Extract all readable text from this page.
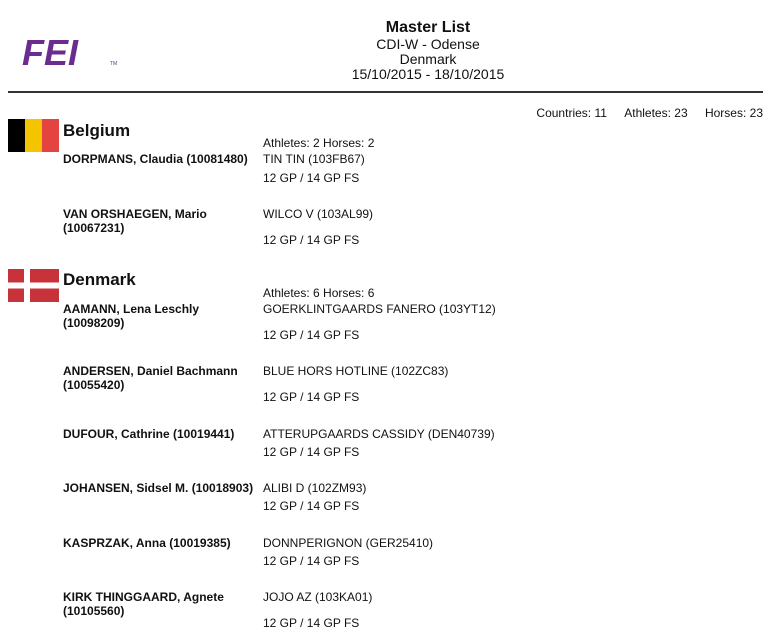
FEI	TM
Master List
CDI-W - Odense
Denmark
15/10/2015 - 18/10/2015
Countries: 11 Athletes: 23 Horses: 23
Belgium
Athletes: 2 Horses: 2
DORPMANS, Claudia (10081480)	TIN TIN (103FB67)
12 GP / 14 GP FS
VAN ORSHAEGEN, Mario (10067231)
WILCO V (103AL99)
12 GP / 14 GP FS
Denmark
Athletes: 6 Horses: 6
AAMANN, Lena Leschly (10098209)
GOERKLINTGAARDS FANERO (103YT12)
12 GP / 14 GP FS
ANDERSEN, Daniel Bachmann (10055420)
BLUE HORS HOTLINE (102ZC83)
12 GP / 14 GP FS
DUFOUR, Cathrine (10019441)	ATTERUPGAARDS CASSIDY (DEN40739)
12 GP / 14 GP FS
JOHANSEN, Sidsel M. (10018903) ALIBI D (102ZM93)
12 GP / 14 GP FS
KASPRZAK, Anna (10019385)	DONNPERIGNON (GER25410)
12 GP / 14 GP FS
KIRK THINGGAARD, Agnete (10105560)
JOJO AZ (103KA01)
12 GP / 14 GP FS
